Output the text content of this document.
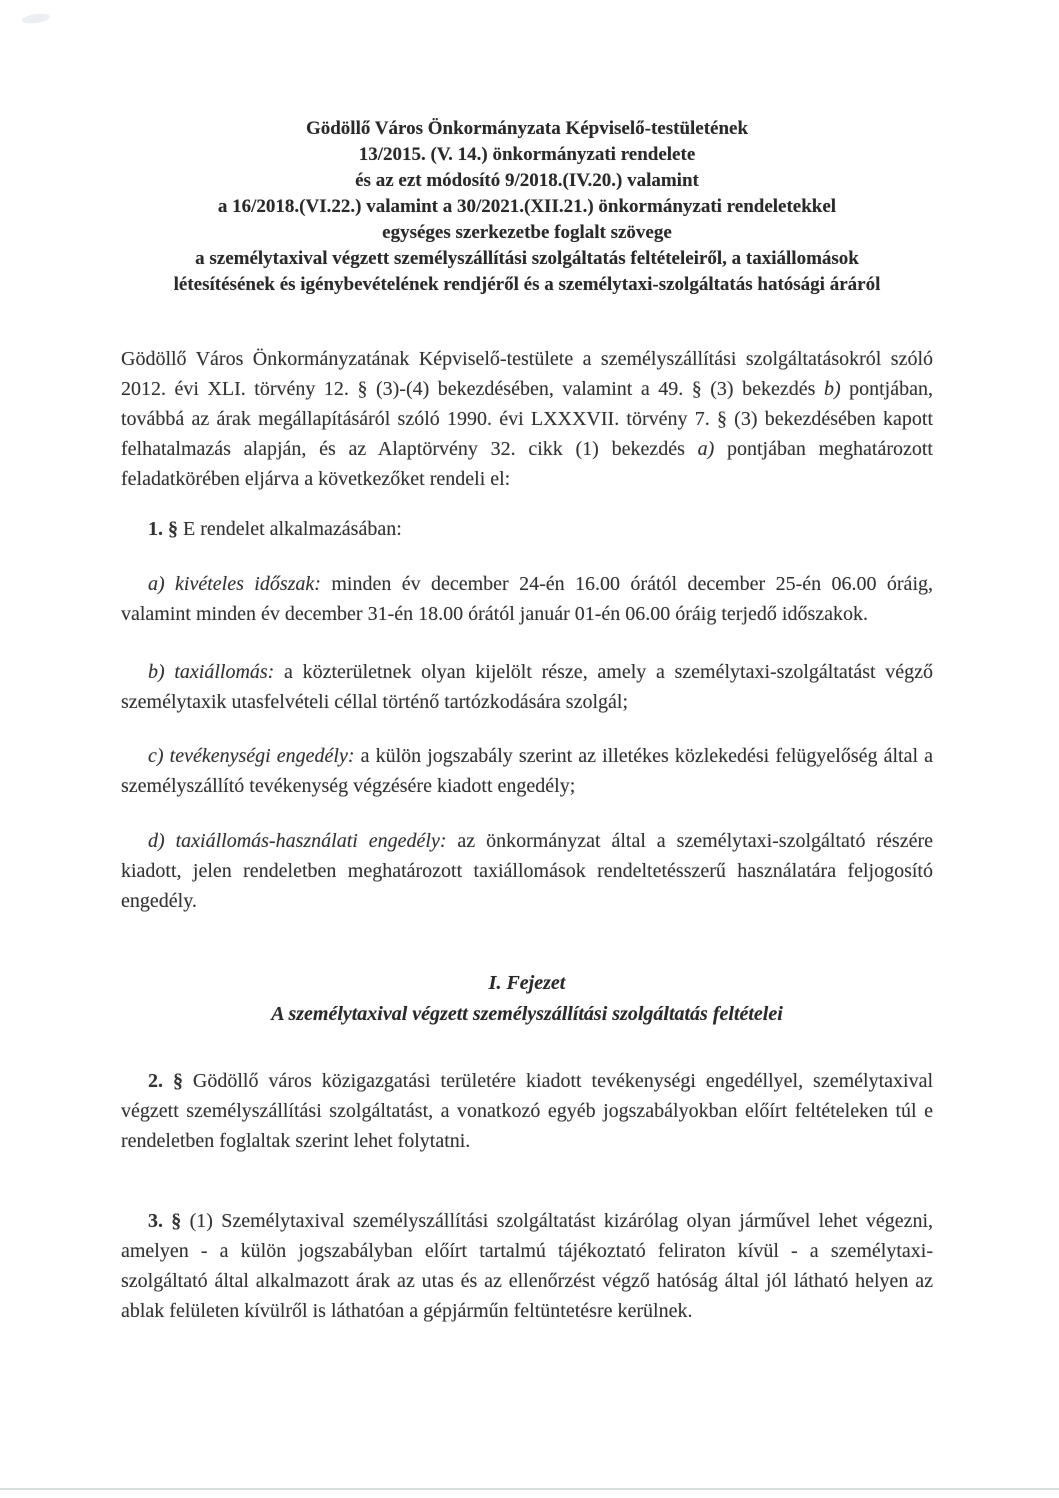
Gödöllő Város Önkormányzata Képviselő-testületének
13/2015. (V. 14.) önkormányzati rendelete
és az ezt módosító 9/2018.(IV.20.) valamint
a 16/2018.(VI.22.) valamint a 30/2021.(XII.21.) önkormányzati rendeletekkel
egységes szerkezetbe foglalt szövege
a személytaxival végzett személyszállítási szolgáltatás feltételeiről, a taxiállomások
létesítésének és igénybevételének rendjéről és a személytaxi-szolgáltatás hatósági áráról

Gödöllő Város Önkormányzatának Képviselő-testülete a személyszállítási szolgáltatásokról szóló 2012. évi XLI. törvény 12. § (3)-(4) bekezdésében, valamint a 49. § (3) bekezdés b) pontjában, továbbá az árak megállapításáról szóló 1990. évi LXXXVII. törvény 7. § (3) bekezdésében kapott felhatalmazás alapján, és az Alaptörvény 32. cikk (1) bekezdés a) pontjában meghatározott feladatkörében eljárva a következőket rendeli el:

1. § E rendelet alkalmazásában:

a) kivételes időszak: minden év december 24-én 16.00 órától december 25-én 06.00 óráig, valamint minden év december 31-én 18.00 órától január 01-én 06.00 óráig terjedő időszakok.

b) taxiállomás: a közterületnek olyan kijelölt része, amely a személytaxi-szolgáltatást végző személytaxik utasfelvételi céllal történő tartózkodására szolgál;

c) tevékenységi engedély: a külön jogszabály szerint az illetékes közlekedési felügyelőség által a személyszállító tevékenység végzésére kiadott engedély;

d) taxiállomás-használati engedély: az önkormányzat által a személytaxi-szolgáltató részére kiadott, jelen rendeletben meghatározott taxiállomások rendeltetésszerű használatára feljogosító engedély.

I. Fejezet
A személytaxival végzett személyszállítási szolgáltatás feltételei

2. § Gödöllő város közigazgatási területére kiadott tevékenységi engedéllyel, személytaxival végzett személyszállítási szolgáltatást, a vonatkozó egyéb jogszabályokban előírt feltételeken túl e rendeletben foglaltak szerint lehet folytatni.

3. § (1) Személytaxival személyszállítási szolgáltatást kizárólag olyan járművel lehet végezni, amelyen - a külön jogszabályban előírt tartalmú tájékoztató feliraton kívül - a személytaxi-szolgáltató által alkalmazott árak az utas és az ellenőrzést végző hatóság által jól látható helyen az ablak felületen kívülről is láthatóan a gépjárműn feltüntetésre kerülnek.
